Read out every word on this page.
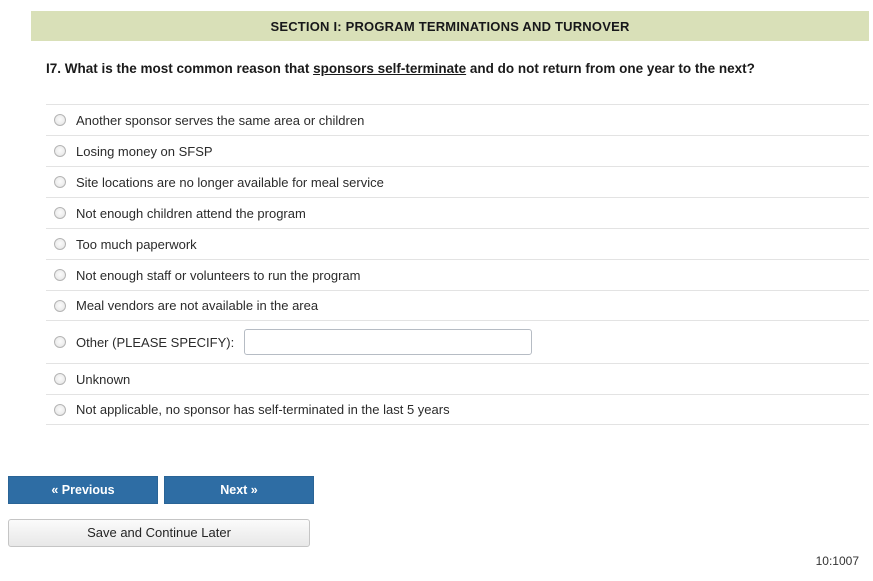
SECTION I: PROGRAM TERMINATIONS AND TURNOVER
I7. What is the most common reason that sponsors self-terminate and do not return from one year to the next?
Another sponsor serves the same area or children
Losing money on SFSP
Site locations are no longer available for meal service
Not enough children attend the program
Too much paperwork
Not enough staff or volunteers to run the program
Meal vendors are not available in the area
Other (PLEASE SPECIFY):
Unknown
Not applicable, no sponsor has self-terminated in the last 5 years
« Previous	Next »
Save and Continue Later
10:1007
